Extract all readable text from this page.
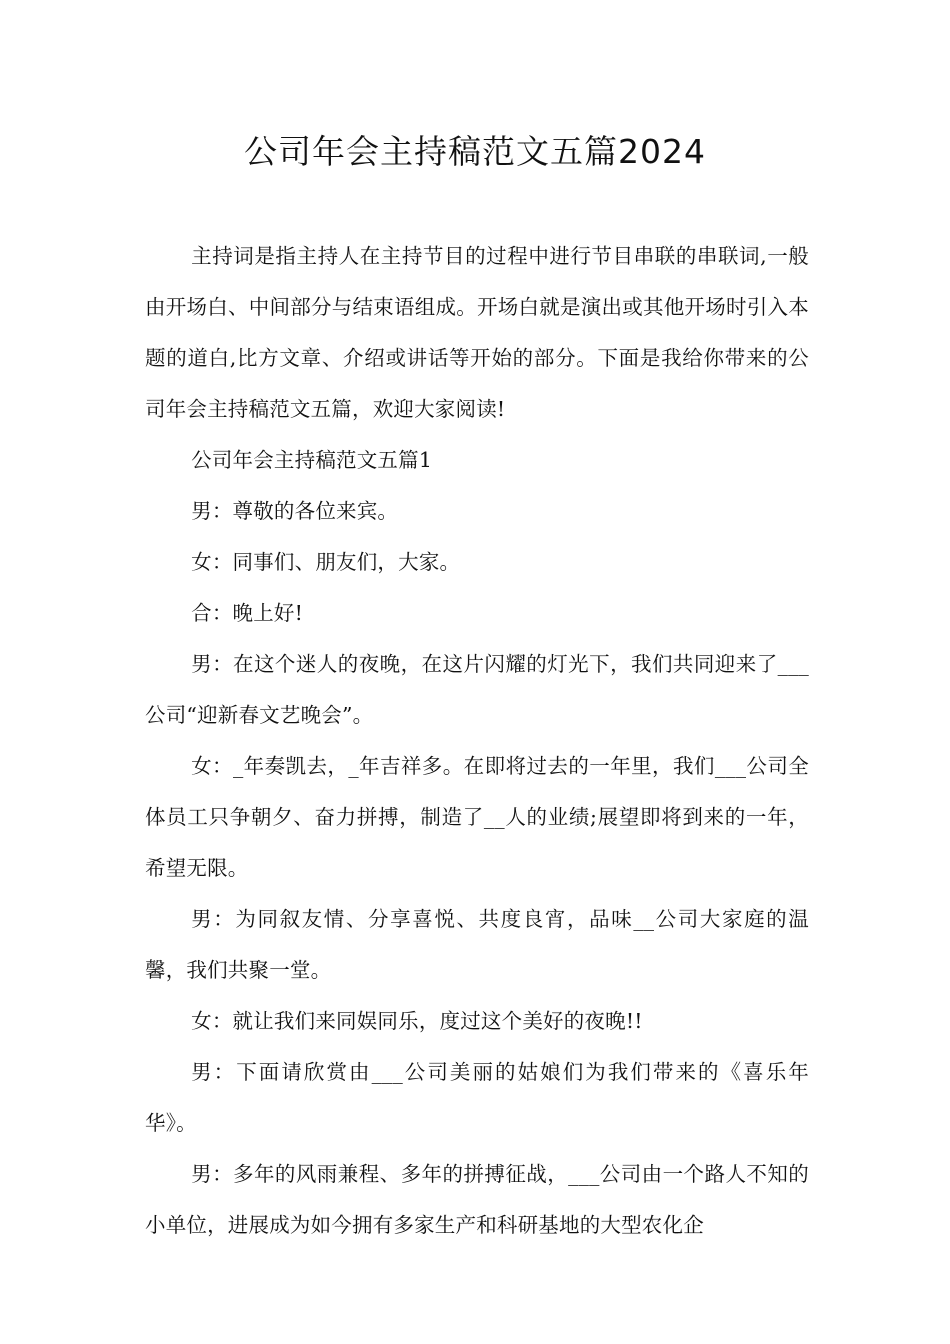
公司年会主持稿范文五篇2024

主持词是指主持人在主持节目的过程中进行节目串联的串联词,一般由开场白、中间部分与结束语组成。开场白就是演出或其他开场时引入本题的道白,比方文章、介绍或讲话等开始的部分。下面是我给你带来的公司年会主持稿范文五篇，欢迎大家阅读!

公司年会主持稿范文五篇1

男：尊敬的各位来宾。

女：同事们、朋友们，大家。

合：晚上好!

男：在这个迷人的夜晚，在这片闪耀的灯光下，我们共同迎来了___公司“迎新春文艺晚会”。

女：_年奏凯去，_年吉祥多。在即将过去的一年里，我们___公司全体员工只争朝夕、奋力拼搏，制造了__人的业绩;展望即将到来的一年，希望无限。

男：为同叙友情、分享喜悦、共度良宵，品味__公司大家庭的温馨，我们共聚一堂。

女：就让我们来同娱同乐，度过这个美好的夜晚!!

男：下面请欣赏由___公司美丽的姑娘们为我们带来的《喜乐年华》。

男：多年的风雨兼程、多年的拼搏征战，___公司由一个路人不知的小单位，进展成为如今拥有多家生产和科研基地的大型农化企
